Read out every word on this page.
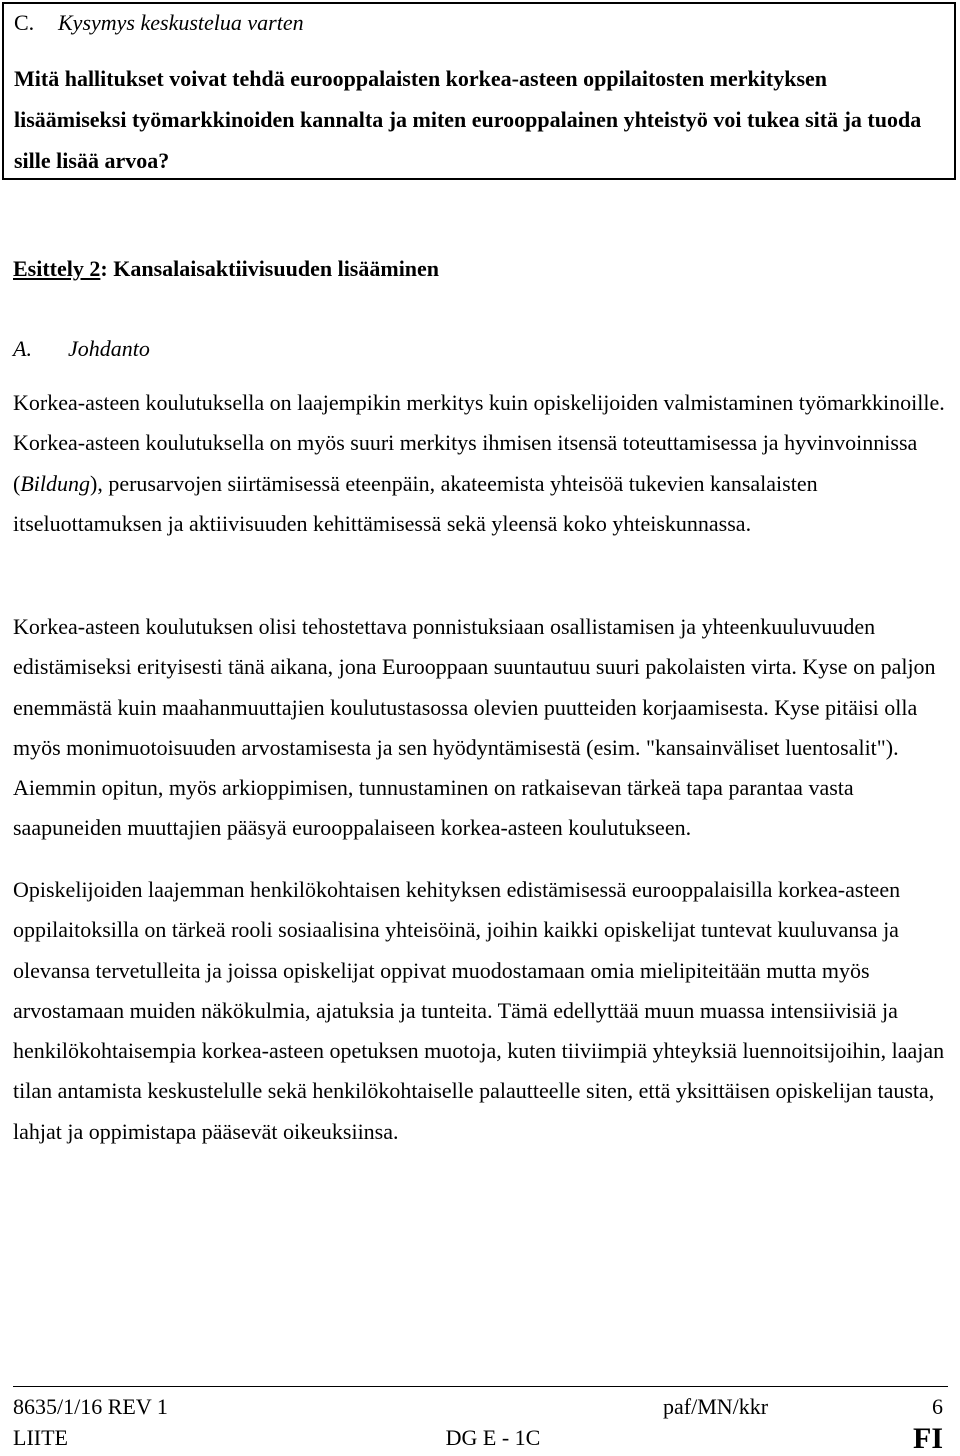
C. Kysymys keskustelua varten
Mitä hallitukset voivat tehdä eurooppalaisten korkea-asteen oppilaitosten merkityksen lisäämiseksi työmarkkinoiden kannalta ja miten eurooppalainen yhteistyö voi tukea sitä ja tuoda sille lisää arvoa?
Esittely 2: Kansalaisaktiivisuuden lisääminen
A. Johdanto
Korkea-asteen koulutuksella on laajempikin merkitys kuin opiskelijoiden valmistaminen työmarkkinoille. Korkea-asteen koulutuksella on myös suuri merkitys ihmisen itsensä toteuttamisessa ja hyvinvoinnissa (Bildung), perusarvojen siirtämisessä eteenpäin, akateemista yhteisöä tukevien kansalaisten itseluottamuksen ja aktiivisuuden kehittämisessä sekä yleensä koko yhteiskunnassa.
Korkea-asteen koulutuksen olisi tehostettava ponnistuksiaan osallistamisen ja yhteenkuuluvuuden edistämiseksi erityisesti tänä aikana, jona Eurooppaan suuntautuu suuri pakolaisten virta. Kyse on paljon enemmästä kuin maahanmuuttajien koulutustasossa olevien puutteiden korjaamisesta. Kyse pitäisi olla myös monimuotoisuuden arvostamisesta ja sen hyödyntämisestä (esim. "kansainväliset luentosalit"). Aiemmin opitun, myös arkioppimisen, tunnustaminen on ratkaisevan tärkeä tapa parantaa vasta saapuneiden muuttajien pääsyä eurooppalaiseen korkea-asteen koulutukseen.
Opiskelijoiden laajemman henkilökohtaisen kehityksen edistämisessä eurooppalaisilla korkea-asteen oppilaitoksilla on tärkeä rooli sosiaalisina yhteisöinä, joihin kaikki opiskelijat tuntevat kuuluvansa ja olevansa tervetulleita ja joissa opiskelijat oppivat muodostamaan omia mielipiteitään mutta myös arvostamaan muiden näkökulmia, ajatuksia ja tunteita. Tämä edellyttää muun muassa intensiivisiä ja henkilökohtaisempia korkea-asteen opetuksen muotoja, kuten tiiviimpiä yhteyksiä luennoitsijoihin, laajan tilan antamista keskustelulle sekä henkilökohtaiselle palautteelle siten, että yksittäisen opiskelijan tausta, lahjat ja oppimistapa pääsevät oikeuksiinsa.
8635/1/16 REV 1	paf/MN/kkr	6
LIITE	DG E - 1C	FI
